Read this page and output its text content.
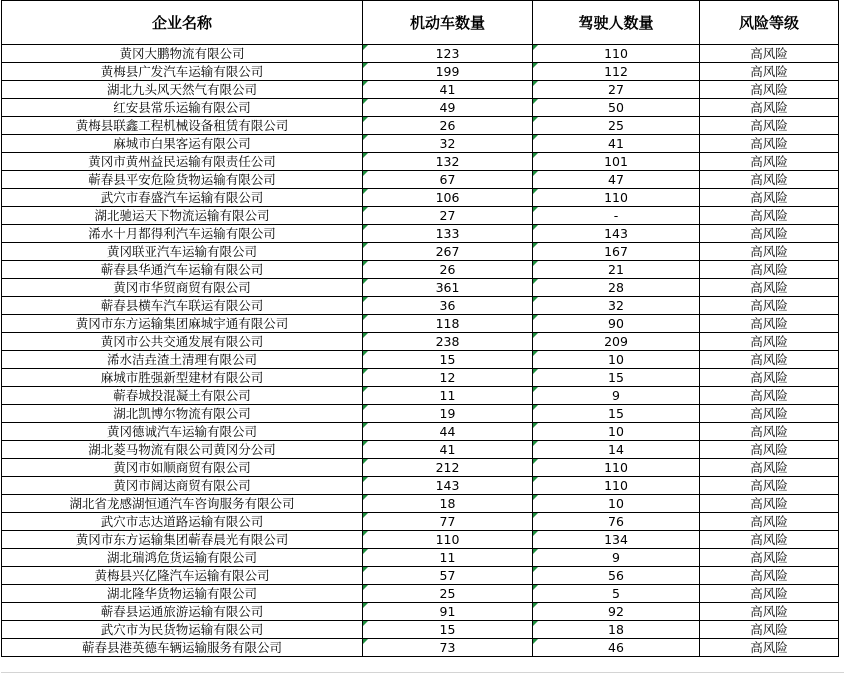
企业名称	机动车数量	驾驶人数量	风险等级
黄冈大鹏物流有限公司	123	110	高风险
黄梅县广发汽车运输有限公司	199	112	高风险
湖北九头风天然气有限公司	41	27	高风险
红安县常乐运输有限公司	49	50	高风险
黄梅县联鑫工程机械设备租赁有限公司	26	25	高风险
麻城市白果客运有限公司	32	41	高风险
黄冈市黄州益民运输有限责任公司	132	101	高风险
蕲春县平安危险货物运输有限公司	67	47	高风险
武穴市春盛汽车运输有限公司	106	110	高风险
湖北驰运天下物流运输有限公司	27	-	高风险
浠水十月都得利汽车运输有限公司	133	143	高风险
黄冈联亚汽车运输有限公司	267	167	高风险
蕲春县华通汽车运输有限公司	26	21	高风险
黄冈市华贸商贸有限公司	361	28	高风险
蕲春县横车汽车联运有限公司	36	32	高风险
黄冈市东方运输集团麻城宇通有限公司	118	90	高风险
黄冈市公共交通发展有限公司	238	209	高风险
浠水洁垚渣土清理有限公司	15	10	高风险
麻城市胜强新型建材有限公司	12	15	高风险
蕲春城投混凝土有限公司	11	9	高风险
湖北凯博尔物流有限公司	19	15	高风险
黄冈德诚汽车运输有限公司	44	10	高风险
湖北菱马物流有限公司黄冈分公司	41	14	高风险
黄冈市如顺商贸有限公司	212	110	高风险
黄冈市阔达商贸有限公司	143	110	高风险
湖北省龙感湖恒通汽车咨询服务有限公司	18	10	高风险
武穴市志达道路运输有限公司	77	76	高风险
黄冈市东方运输集团蕲春晨光有限公司	110	134	高风险
湖北瑞鸿危货运输有限公司	11	9	高风险
黄梅县兴亿隆汽车运输有限公司	57	56	高风险
湖北隆华货物运输有限公司	25	5	高风险
蕲春县运通旅游运输有限公司	91	92	高风险
武穴市为民货物运输有限公司	15	18	高风险
蕲春县港英德车辆运输服务有限公司	73	46	高风险
